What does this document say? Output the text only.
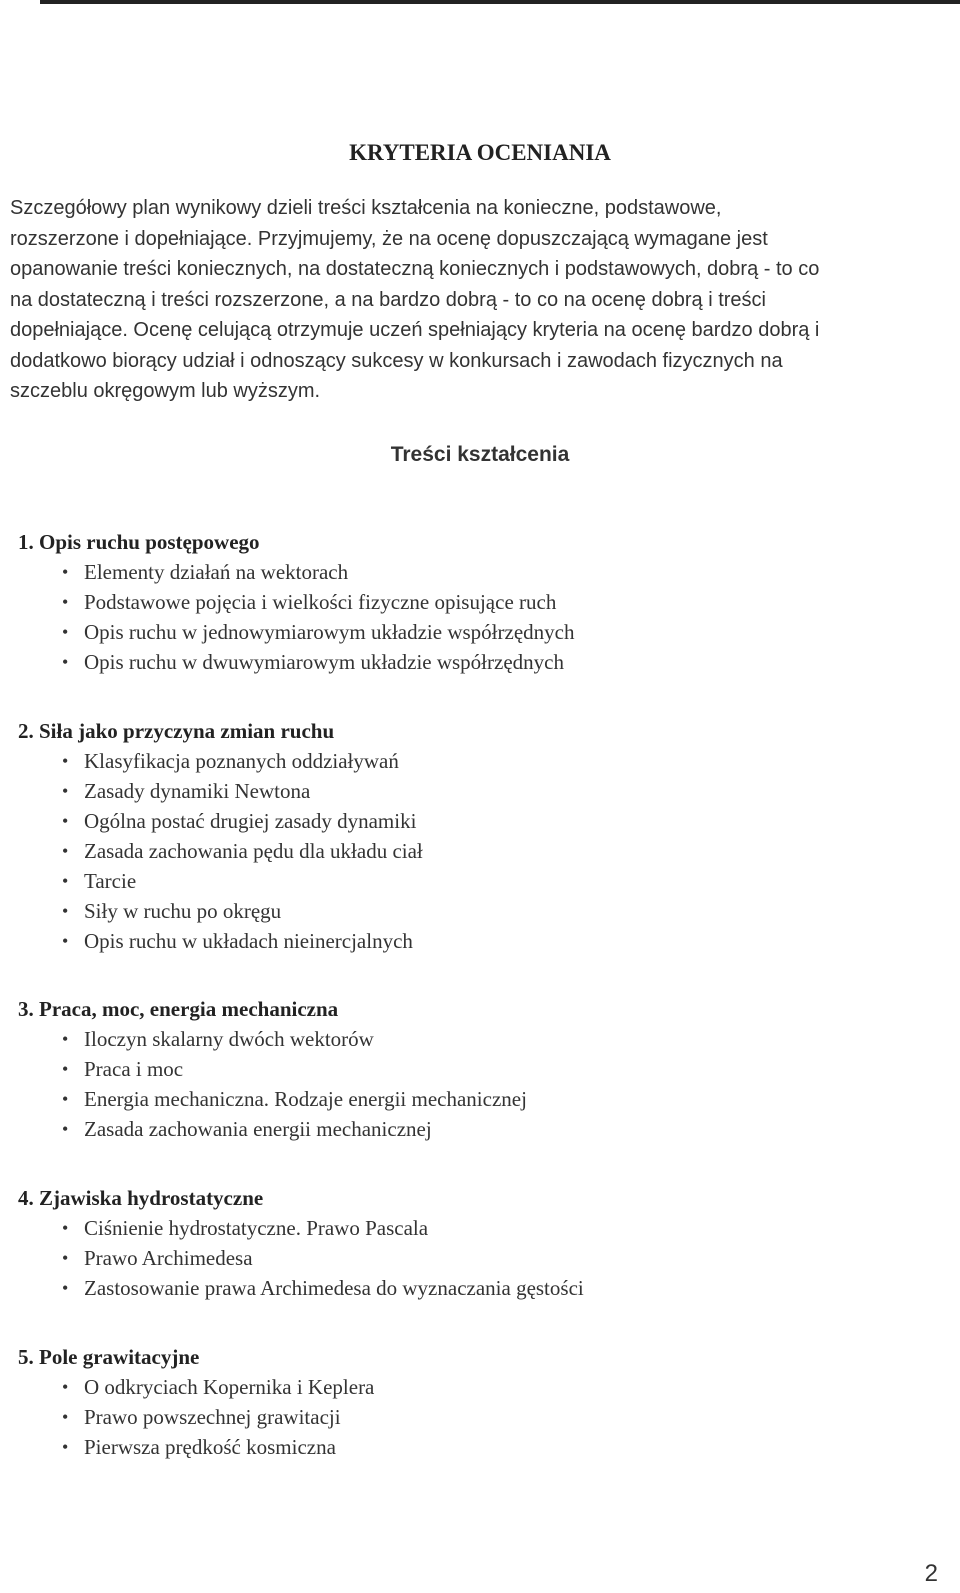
KRYTERIA OCENIANIA
Szczegółowy plan wynikowy dzieli treści kształcenia na konieczne, podstawowe,
rozszerzone i dopełniające. Przyjmujemy, że na ocenę dopuszczającą wymagane jest
opanowanie treści koniecznych, na dostateczną koniecznych i podstawowych, dobrą - to co
na dostateczną i treści rozszerzone, a na bardzo dobrą - to co na ocenę dobrą i treści
dopełniające. Ocenę celującą otrzymuje uczeń spełniający kryteria na ocenę bardzo dobrą i
dodatkowo biorący udział i odnoszący sukcesy w konkursach i zawodach fizycznych na
szczeblu okręgowym lub wyższym.
Treści kształcenia
1. Opis ruchu postępowego
• Elementy działań na wektorach
• Podstawowe pojęcia i wielkości fizyczne opisujące ruch
• Opis ruchu w jednowymiarowym układzie współrzędnych
• Opis ruchu w dwuwymiarowym układzie współrzędnych
2. Siła jako przyczyna zmian ruchu
• Klasyfikacja poznanych oddziaływań
• Zasady dynamiki Newtona
• Ogólna postać drugiej zasady dynamiki
• Zasada zachowania pędu dla układu ciał
• Tarcie
• Siły w ruchu po okręgu
• Opis ruchu w układach nieinercjalnych
3. Praca, moc, energia mechaniczna
• Iloczyn skalarny dwóch wektorów
• Praca i moc
• Energia mechaniczna. Rodzaje energii mechanicznej
• Zasada zachowania energii mechanicznej
4. Zjawiska hydrostatyczne
• Ciśnienie hydrostatyczne. Prawo Pascala
• Prawo Archimedesa
• Zastosowanie prawa Archimedesa do wyznaczania gęstości
5. Pole grawitacyjne
• O odkryciach Kopernika i Keplera
• Prawo powszechnej grawitacji
• Pierwsza prędkość kosmiczna
2
